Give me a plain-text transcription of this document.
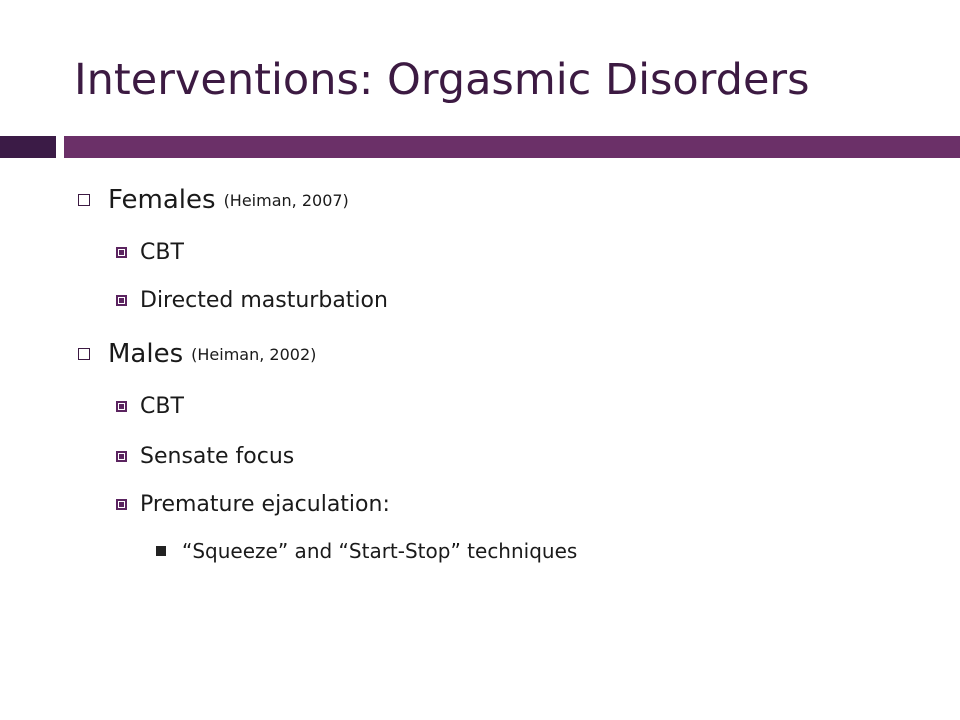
Interventions: Orgasmic Disorders
Females (Heiman, 2007)
CBT
Directed masturbation
Males (Heiman, 2002)
CBT
Sensate focus
Premature ejaculation:
“Squeeze” and “Start-Stop” techniques
